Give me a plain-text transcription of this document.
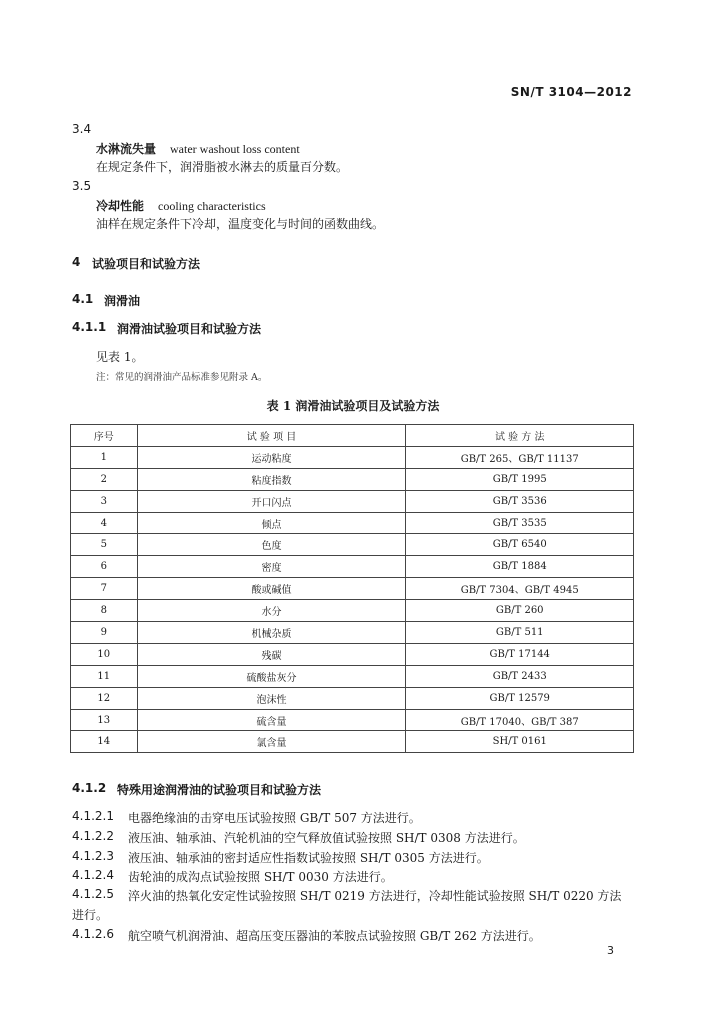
SN/T 3104—2012
3.4
水淋流失量 water washout loss content
在规定条件下，润滑脂被水淋去的质量百分数。
3.5
冷却性能 cooling characteristics
油样在规定条件下冷却，温度变化与时间的函数曲线。
4 试验项目和试验方法
4.1 润滑油
4.1.1 润滑油试验项目和试验方法
见表 1。
注：常见的润滑油产品标准参见附录 A。
表 1 润滑油试验项目及试验方法
序号	试 验 项 目	试 验 方 法
1	运动粘度	GB/T 265、GB/T 11137
2	粘度指数	GB/T 1995
3	开口闪点	GB/T 3536
4	倾点	GB/T 3535
5	色度	GB/T 6540
6	密度	GB/T 1884
7	酸或碱值	GB/T 7304、GB/T 4945
8	水分	GB/T 260
9	机械杂质	GB/T 511
10	残碳	GB/T 17144
11	硫酸盐灰分	GB/T 2433
12	泡沫性	GB/T 12579
13	硫含量	GB/T 17040、GB/T 387
14	氯含量	SH/T 0161
4.1.2 特殊用途润滑油的试验项目和试验方法
4.1.2.1 电器绝缘油的击穿电压试验按照 GB/T 507 方法进行。
4.1.2.2 液压油、轴承油、汽轮机油的空气释放值试验按照 SH/T 0308 方法进行。
4.1.2.3 液压油、轴承油的密封适应性指数试验按照 SH/T 0305 方法进行。
4.1.2.4 齿轮油的成沟点试验按照 SH/T 0030 方法进行。
4.1.2.5 淬火油的热氧化安定性试验按照 SH/T 0219 方法进行，冷却性能试验按照 SH/T 0220 方法
进行。
4.1.2.6 航空喷气机润滑油、超高压变压器油的苯胺点试验按照 GB/T 262 方法进行。
3
